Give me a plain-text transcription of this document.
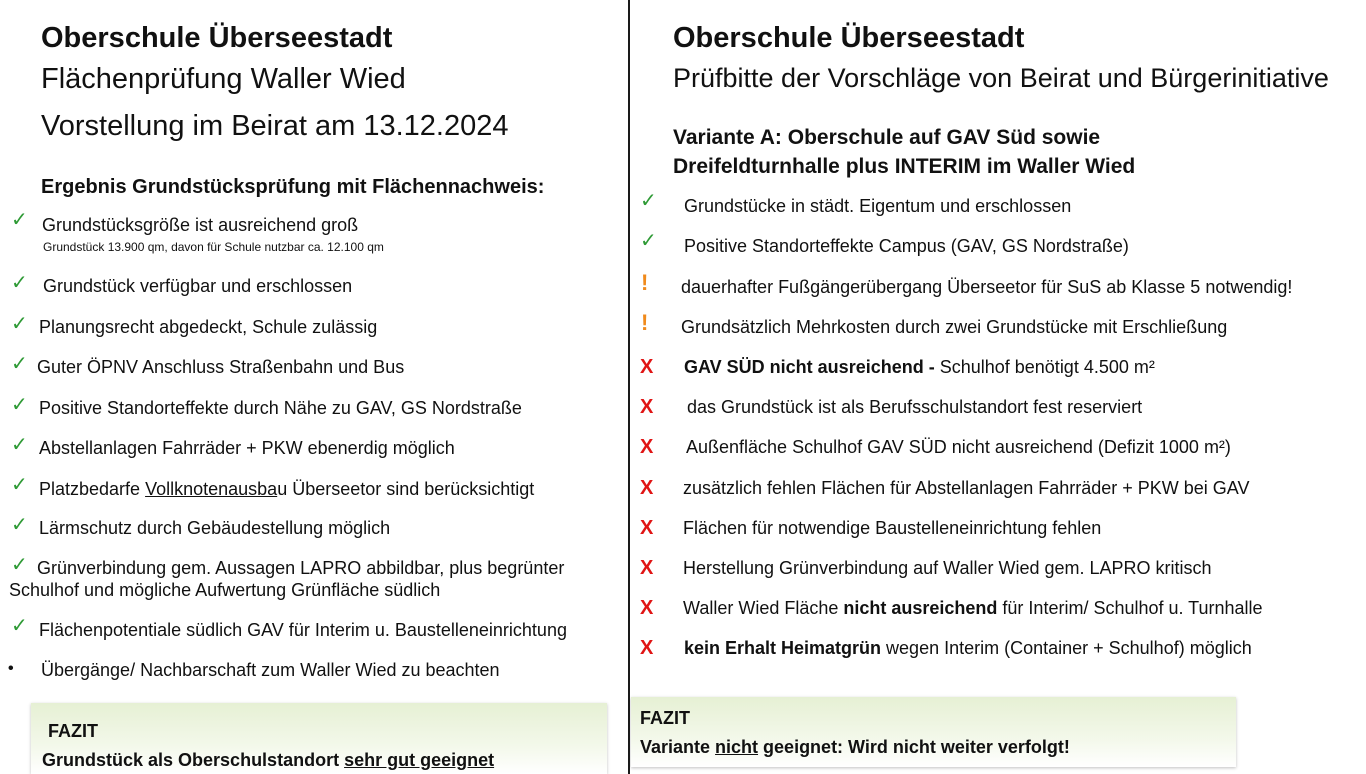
Oberschule Überseestadt
Flächenprüfung Waller Wied
Vorstellung im Beirat am 13.12.2024
Ergebnis Grundstücksprüfung mit Flächennachweis:
✓ Grundstücksgröße ist ausreichend groß
Grundstück 13.900 qm, davon für Schule nutzbar ca. 12.100 qm
✓ Grundstück verfügbar und erschlossen
✓ Planungsrecht abgedeckt, Schule zulässig
✓ Guter ÖPNV Anschluss Straßenbahn und Bus
✓ Positive Standorteffekte durch Nähe zu GAV, GS Nordstraße
✓ Abstellanlagen Fahrräder + PKW ebenerdig möglich
✓ Platzbedarfe Vollknotenausbau Überseetor sind berücksichtigt
✓ Lärmschutz durch Gebäudestellung möglich
✓ Grünverbindung gem. Aussagen LAPRO abbildbar, plus begrünter
Schulhof und mögliche Aufwertung Grünfläche südlich
✓ Flächenpotentiale südlich GAV für Interim u. Baustelleneinrichtung
• Übergänge/ Nachbarschaft zum Waller Wied zu beachten
FAZIT
Grundstück als Oberschulstandort sehr gut geeignet
Oberschule Überseestadt
Prüfbitte der Vorschläge von Beirat und Bürgerinitiative
Variante A: Oberschule auf GAV Süd sowie
Dreifeldturnhalle plus INTERIM im Waller Wied
✓ Grundstücke in städt. Eigentum und erschlossen
✓ Positive Standorteffekte Campus (GAV, GS Nordstraße)
! dauerhafter Fußgängerübergang Überseetor für SuS ab Klasse 5 notwendig!
! Grundsätzlich Mehrkosten durch zwei Grundstücke mit Erschließung
X GAV SÜD nicht ausreichend - Schulhof benötigt 4.500 m²
X das Grundstück ist als Berufsschulstandort fest reserviert
X Außenfläche Schulhof GAV SÜD nicht ausreichend (Defizit 1000 m²)
X zusätzlich fehlen Flächen für Abstellanlagen Fahrräder + PKW bei GAV
X Flächen für notwendige Baustelleneinrichtung fehlen
X Herstellung Grünverbindung auf Waller Wied gem. LAPRO kritisch
X Waller Wied Fläche nicht ausreichend für Interim/ Schulhof u. Turnhalle
X kein Erhalt Heimatgrün wegen Interim (Container + Schulhof) möglich
FAZIT
Variante nicht geeignet: Wird nicht weiter verfolgt!
